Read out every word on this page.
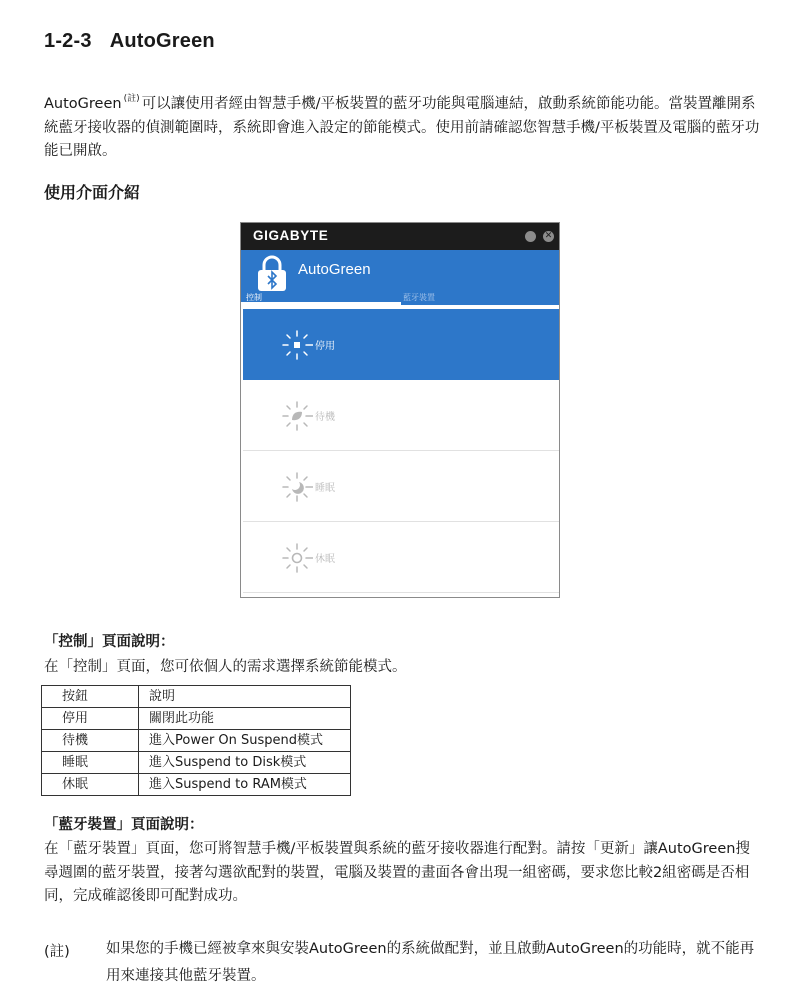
1-2-3 AutoGreen

AutoGreen $^{(註)}$ 可以讓使用者經由智慧手機/平板裝置的藍牙功能與電腦連結，啟動系統節能功能。當裝置離開系統藍牙接收器的偵測範圍時，系統即會進入設定的節能模式。使用前請確認您智慧手機/平板裝置及電腦的藍牙功能已開啟。

使用介面介紹
GIGABYTE	✕
AutoGreen
控制	藍牙裝置
停用
待機
睡眠
休眠
「控制」頁面說明：

在「控制」頁面，您可依個人的需求選擇系統節能模式。

按鈕	說明
停用	關閉此功能
待機	進入Power On Suspend模式
睡眠	進入Suspend to Disk模式
休眠	進入Suspend to RAM模式
「藍牙裝置」頁面說明：

在「藍牙裝置」頁面，您可將智慧手機/平板裝置與系統的藍牙接收器進行配對。請按「更新」讓AutoGreen搜尋週圍的藍牙裝置，接著勾選欲配對的裝置，電腦及裝置的畫面各會出現一組密碼，要求您比較2組密碼是否相同，完成確認後即可配對成功。

(註) 如果您的手機已經被拿來與安裝AutoGreen的系統做配對，並且啟動AutoGreen的功能時，就不能再用來連接其他藍牙裝置。
